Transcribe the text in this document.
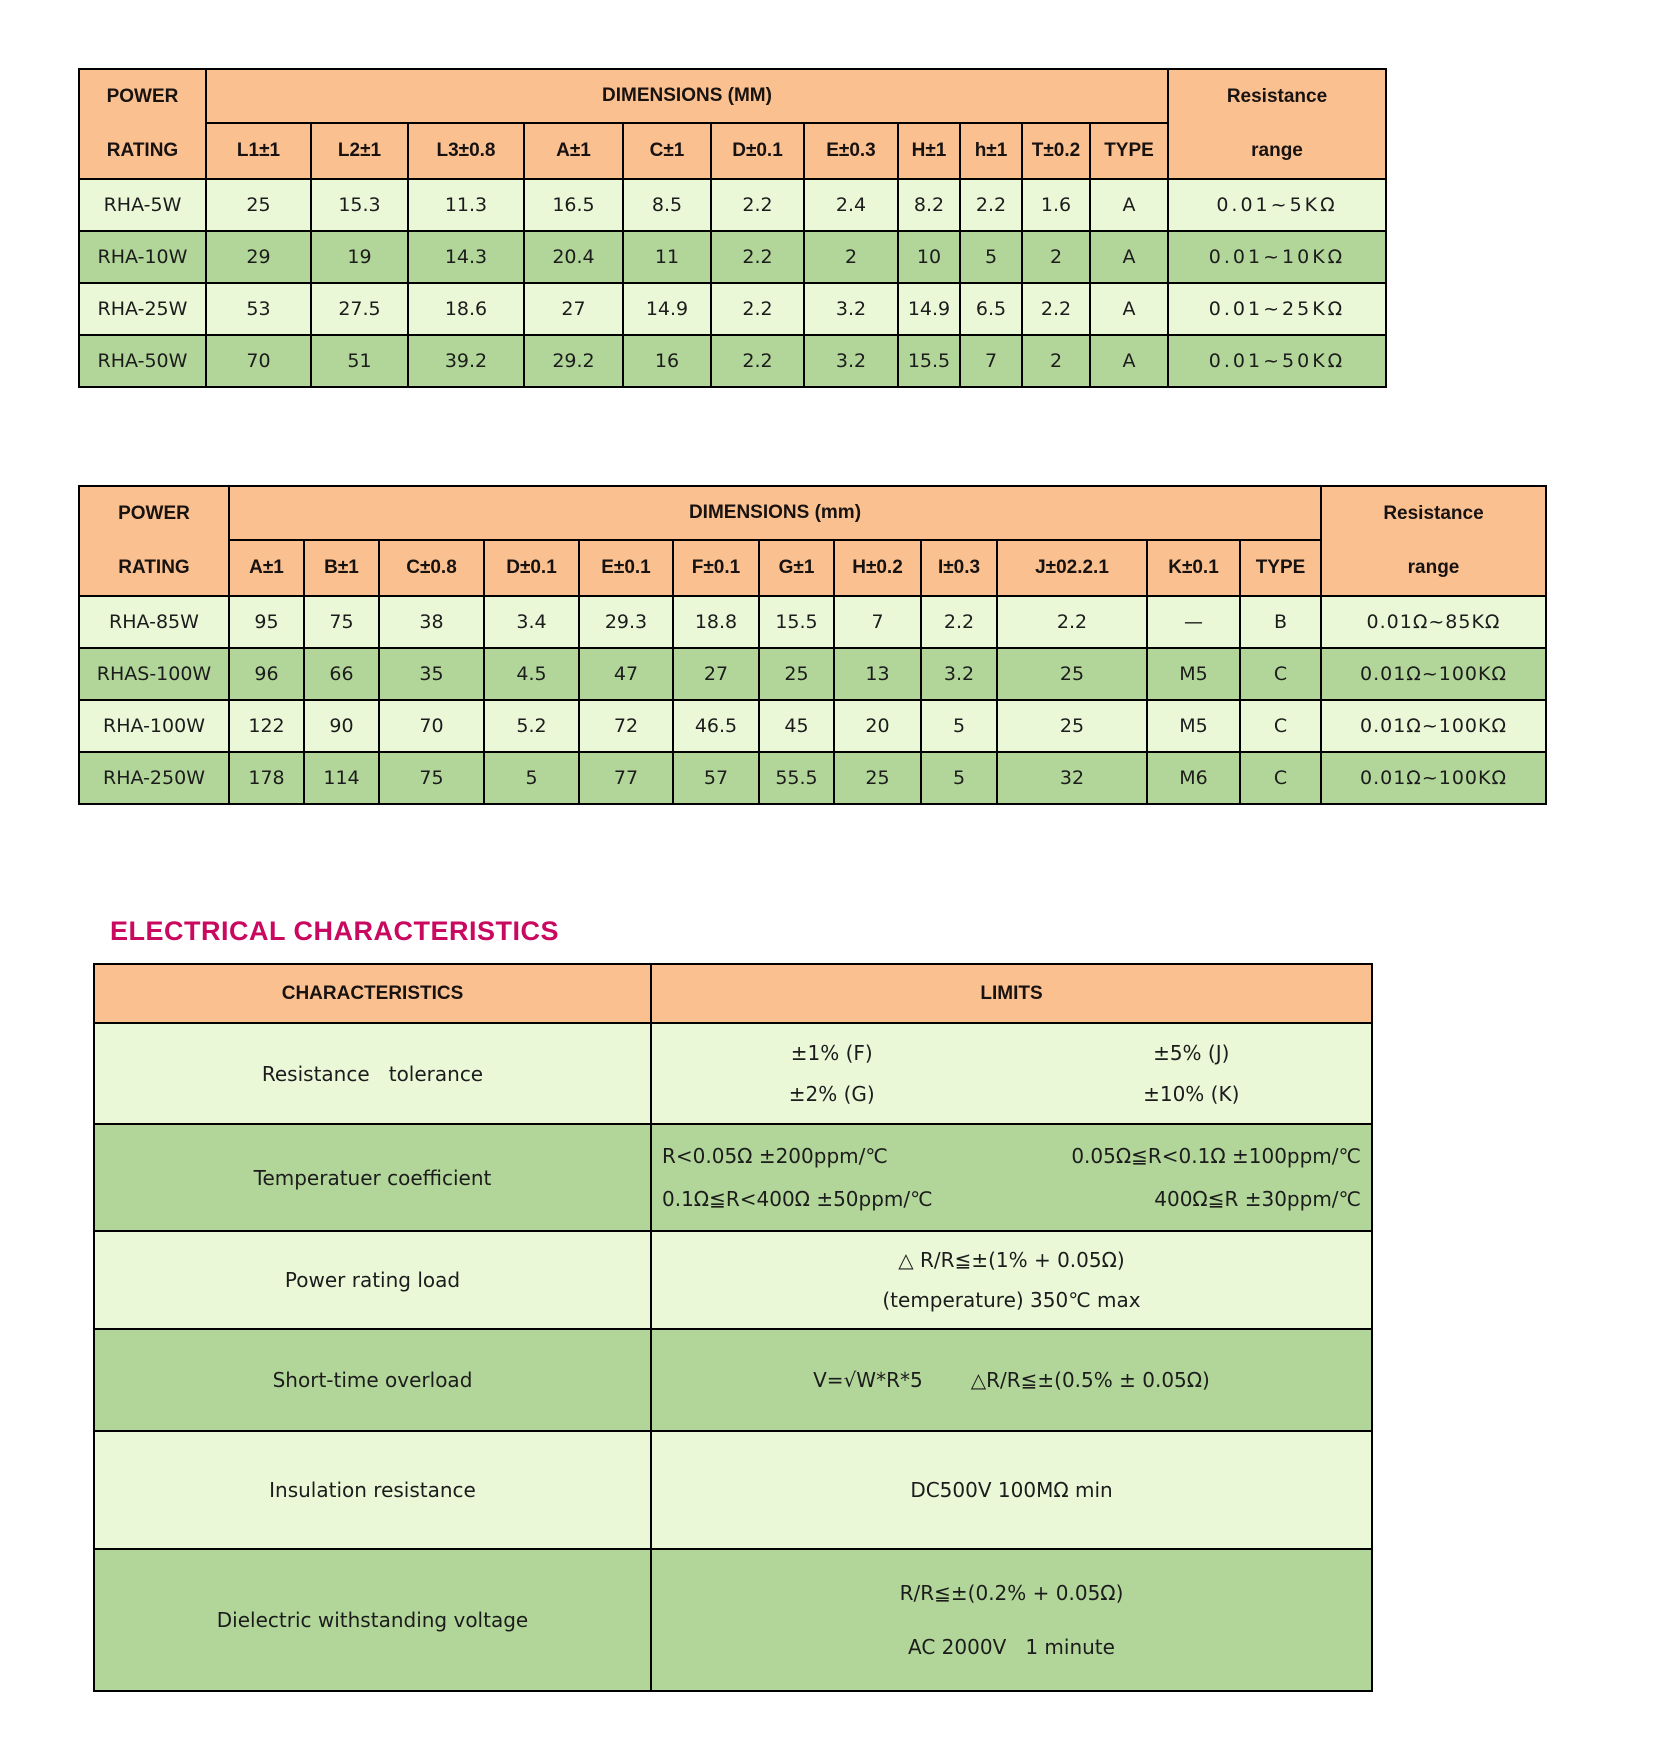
POWER
RATING
	DIMENSIONS (MM)	Resistance
range

	L1±1	L2±1	L3±0.8	A±1	C±1	D±0.1	E±0.3	H±1	h±1	T±0.2	TYPE	
RHA-5W	25	15.3	11.3	16.5	8.5	2.2	2.4	8.2	2.2	1.6	A	0.01~5KΩ
RHA-10W	29	19	14.3	20.4	11	2.2	2	10	5	2	A	0.01~10KΩ
RHA-25W	53	27.5	18.6	27	14.9	2.2	3.2	14.9	6.5	2.2	A	0.01~25KΩ
RHA-50W	70	51	39.2	29.2	16	2.2	3.2	15.5	7	2	A	0.01~50KΩ
POWER
RATING
	DIMENSIONS (mm)	Resistance
range

	A±1	B±1	C±0.8	D±0.1	E±0.1	F±0.1	G±1	H±0.2	I±0.3	J±02.2.1	K±0.1	TYPE	
RHA-85W	95	75	38	3.4	29.3	18.8	15.5	7	2.2	2.2	—	B	0.01Ω~85KΩ
RHAS-100W	96	66	35	4.5	47	27	25	13	3.2	25	M5	C	0.01Ω~100KΩ
RHA-100W	122	90	70	5.2	72	46.5	45	20	5	25	M5	C	0.01Ω~100KΩ
RHA-250W	178	114	75	5	77	57	55.5	25	5	32	M6	C	0.01Ω~100KΩ
ELECTRICAL CHARACTERISTICS
CHARACTERISTICS	LIMITS
Resistance   tolerance	±1% (F) ±5% (J)
±2% (G) ±10% (K)

Temperatuer coefficient	R<0.05Ω ±200ppm/℃ 0.05Ω≦R<0.1Ω ±100ppm/℃
0.1Ω≦R<400Ω ±50ppm/℃ 400Ω≦R ±30ppm/℃

Power rating load	△ R/R≦±(1% + 0.05Ω)
(temperature) 350℃ max

Short-time overload	V=√W*R*5 △R/R≦±(0.5% ± 0.05Ω)

Insulation resistance	DC500V 100MΩ min

Dielectric withstanding voltage	R/R≦±(0.2% + 0.05Ω)
AC 2000V   1 minute
